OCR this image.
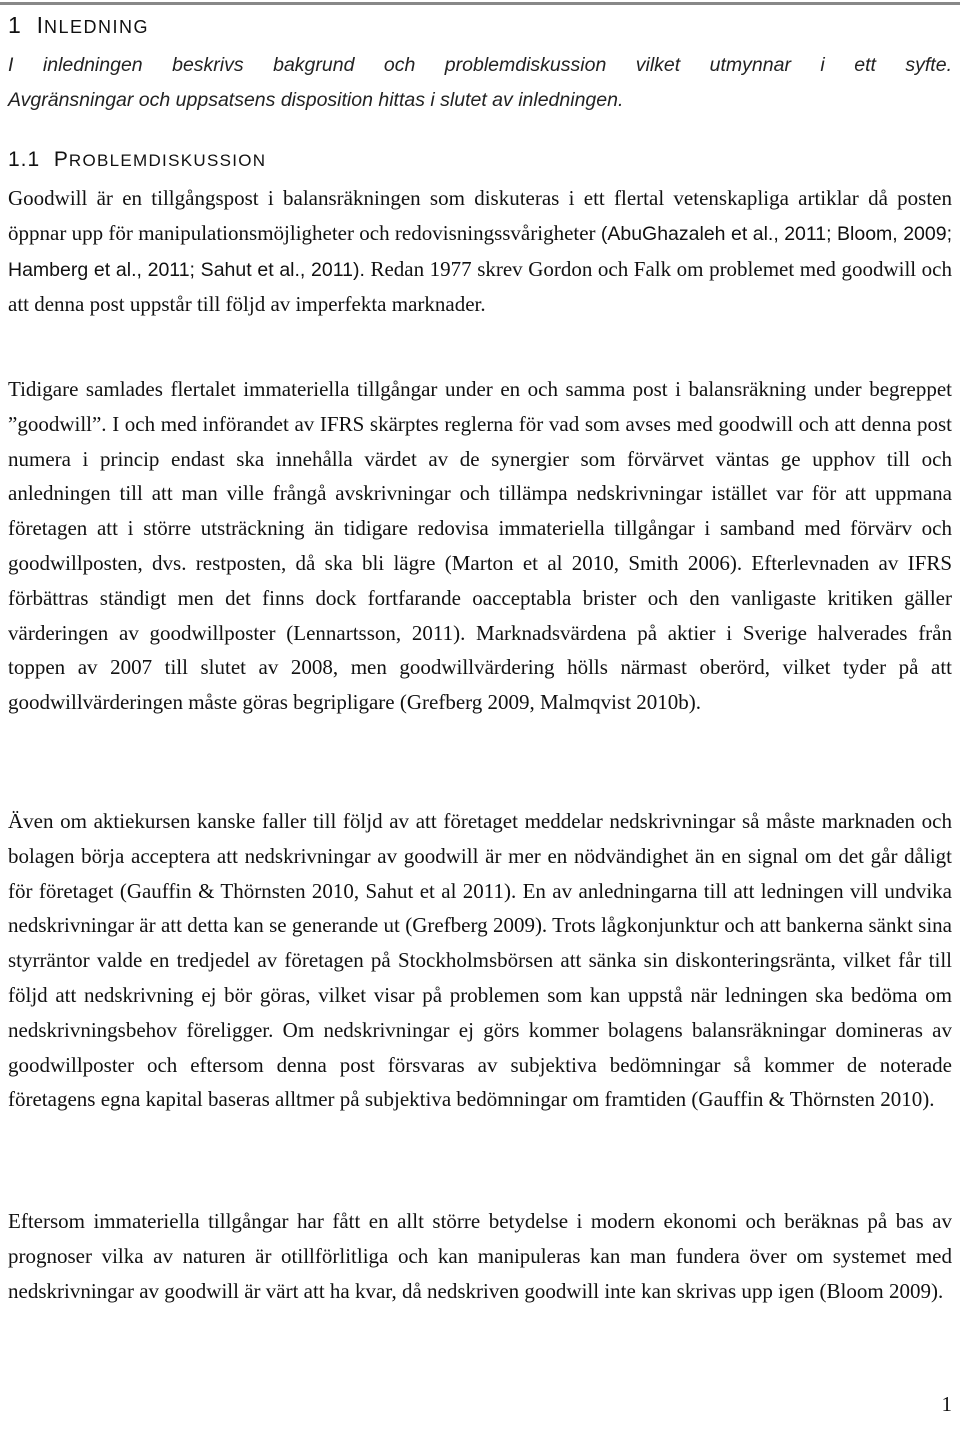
1 INLEDNING

I inledningen beskrivs bakgrund och problemdiskussion vilket utmynnar i ett syfte.
Avgränsningar och uppsatsens disposition hittas i slutet av inledningen.

1.1 PROBLEMDISKUSSION

Goodwill är en tillgångspost i balansräkningen som diskuteras i ett flertal vetenskapliga artiklar då posten öppnar upp för manipulationsmöjligheter och redovisningssvårigheter (AbuGhazaleh et al., 2011; Bloom, 2009; Hamberg et al., 2011; Sahut et al., 2011). Redan 1977 skrev Gordon och Falk om problemet med goodwill och att denna post uppstår till följd av imperfekta marknader.

Tidigare samlades flertalet immateriella tillgångar under en och samma post i balansräkning under begreppet ”goodwill”. I och med införandet av IFRS skärptes reglerna för vad som avses med goodwill och att denna post numera i princip endast ska innehålla värdet av de synergier som förvärvet väntas ge upphov till och anledningen till att man ville frångå avskrivningar och tillämpa nedskrivningar istället var för att uppmana företagen att i större utsträckning än tidigare redovisa immateriella tillgångar i samband med förvärv och goodwillposten, dvs. restposten, då ska bli lägre (Marton et al 2010, Smith 2006). Efterlevnaden av IFRS förbättras ständigt men det finns dock fortfarande oacceptabla brister och den vanligaste kritiken gäller värderingen av goodwillposter (Lennartsson, 2011). Marknadsvärdena på aktier i Sverige halverades från toppen av 2007 till slutet av 2008, men goodwillvärdering hölls närmast oberörd, vilket tyder på att goodwillvärderingen måste göras begripligare (Grefberg 2009, Malmqvist 2010b).

Även om aktiekursen kanske faller till följd av att företaget meddelar nedskrivningar så måste marknaden och bolagen börja acceptera att nedskrivningar av goodwill är mer en nödvändighet än en signal om det går dåligt för företaget (Gauffin & Thörnsten 2010, Sahut et al 2011). En av anledningarna till att ledningen vill undvika nedskrivningar är att detta kan se generande ut (Grefberg 2009). Trots lågkonjunktur och att bankerna sänkt sina styrräntor valde en tredjedel av företagen på Stockholmsbörsen att sänka sin diskonteringsränta, vilket får till följd att nedskrivning ej bör göras, vilket visar på problemen som kan uppstå när ledningen ska bedöma om nedskrivningsbehov föreligger. Om nedskrivningar ej görs kommer bolagens balansräkningar domineras av goodwillposter och eftersom denna post försvaras av subjektiva bedömningar så kommer de noterade företagens egna kapital baseras alltmer på subjektiva bedömningar om framtiden (Gauffin & Thörnsten 2010).

Eftersom immateriella tillgångar har fått en allt större betydelse i modern ekonomi och beräknas på bas av prognoser vilka av naturen är otillförlitliga och kan manipuleras kan man fundera över om systemet med nedskrivningar av goodwill är värt att ha kvar, då nedskriven goodwill inte kan skrivas upp igen (Bloom 2009).

1
